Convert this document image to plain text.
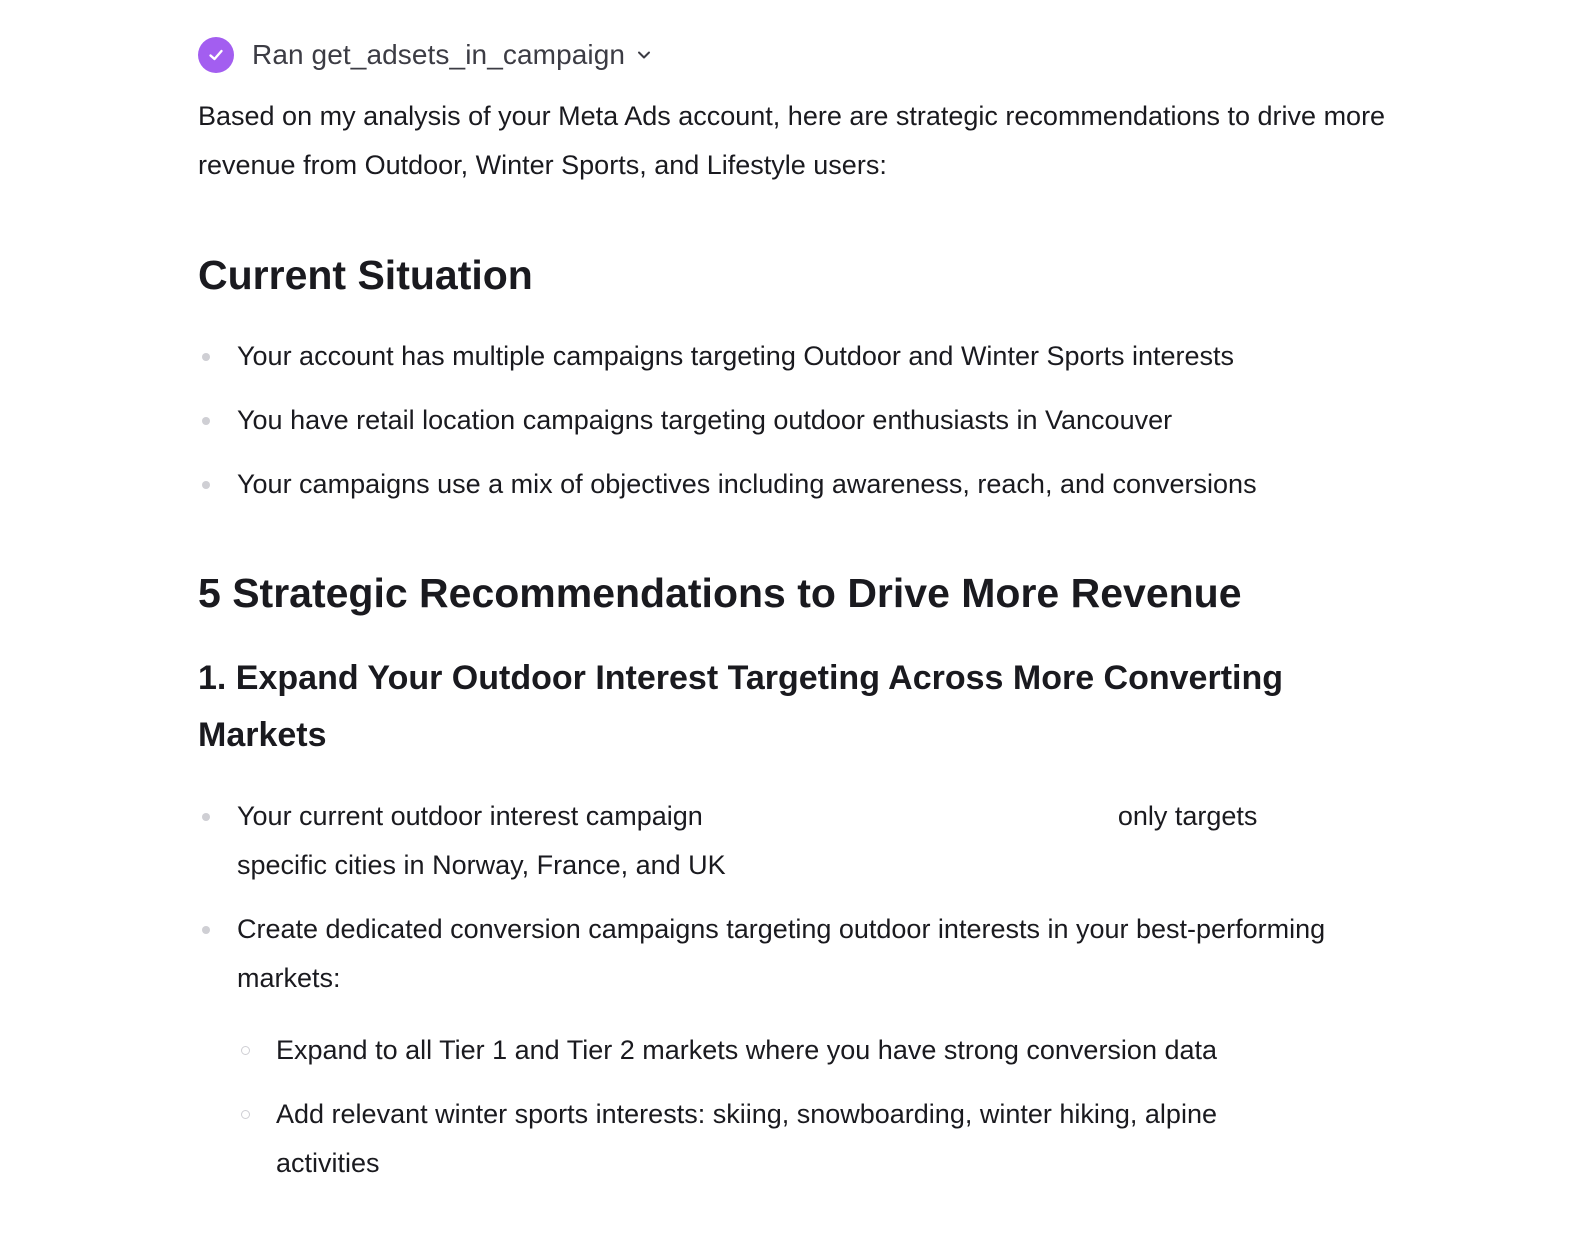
Ran get_adsets_in_campaign

Based on my analysis of your Meta Ads account, here are strategic recommendations to drive more revenue from Outdoor, Winter Sports, and Lifestyle users:

Current Situation
Your account has multiple campaigns targeting Outdoor and Winter Sports interests
You have retail location campaigns targeting outdoor enthusiasts in Vancouver
Your campaigns use a mix of objectives including awareness, reach, and conversions
5 Strategic Recommendations to Drive More Revenue
1. Expand Your Outdoor Interest Targeting Across More Converting Markets
Your current outdoor interest campaign	only targets specific cities in Norway, France, and UK
Create dedicated conversion campaigns targeting outdoor interests in your best-performing markets:
Expand to all Tier 1 and Tier 2 markets where you have strong conversion data
Add relevant winter sports interests: skiing, snowboarding, winter hiking, alpine activities
